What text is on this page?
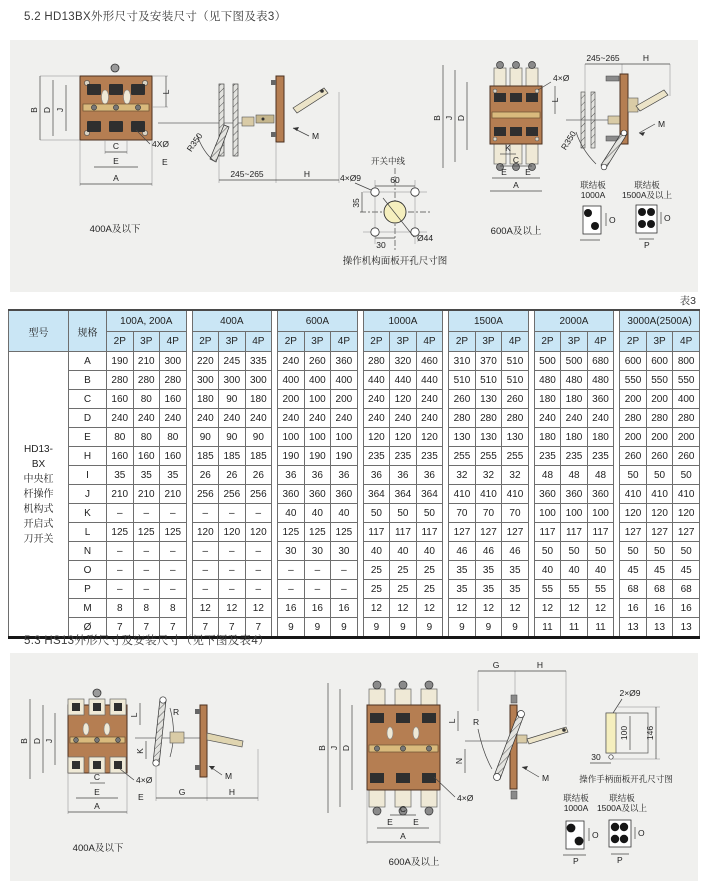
5.2 HD13BX外形尺寸及安装尺寸（见下图及表3）
B D J
C
E
A
L
4XØ
400A及以下
R350
E
M
245~265	H
开关中线
Ø44
60
35
30
4×Ø9
操作机构面板开孔尺寸图
B J D
4×Ø
L
K
C
E E
A
600A及以上
245~265	H
R350
M
联结板
1000A
O
联结板
1500A及以上
O
P
表3
型号	规格	100A, 200A				400A				600A				1000A				1500A				2000A				3000A(2500A)		
		2P	3P	4P		2P	3P	4P		2P	3P	4P		2P	3P	4P		2P	3P	4P		2P	3P	4P		2P	3P	4P

HD13-
BX
中央杠
杆操作
机构式
开启式
刀开关
	A	190	210	300	220	245	335	240	260	360	280	320	460	310	370	510	500	500	680	600	600	800
	B	280	280	280		300	300	300		400	400	400		440	440	440		510	510	510		480	480	480		550	550	550
	C	160	80	160		180	90	180		200	100	200		240	120	240		260	130	260		180	180	360		200	200	400
	D	240	240	240		240	240	240		240	240	240		240	240	240		280	280	280		240	240	240		280	280	280
	E	80	80	80		90	90	90		100	100	100		120	120	120		130	130	130		180	180	180		200	200	200
	H	160	160	160		185	185	185		190	190	190		235	235	235		255	255	255		235	235	235		260	260	260
	I	35	35	35		26	26	26		36	36	36		36	36	36		32	32	32		48	48	48		50	50	50
	J	210	210	210		256	256	256		360	360	360		364	364	364		410	410	410		360	360	360		410	410	410
	K	–	–	–		–	–	–		40	40	40		50	50	50		70	70	70		100	100	100		120	120	120
	L	125	125	125		120	120	120		125	125	125		117	117	117		127	127	127		117	117	117		127	127	127
	N	–	–	–		–	–	–		30	30	30		40	40	40		46	46	46		50	50	50		50	50	50
	O	–	–	–		–	–	–		–	–	–		25	25	25		35	35	35		40	40	40		45	45	45
	P	–	–	–		–	–	–		–	–	–		25	25	25		35	35	35		55	55	55		68	68	68
	M	8	8	8		12	12	12		16	16	16		12	12	12		12	12	12		12	12	12		16	16	16
	Ø	7	7	7		7	7	7		9	9	9		9	9	9		9	9	9		11	11	11		13	13	13
5.3 HS13外形尺寸及安装尺寸（见下图及表4）
B D J
C
E
A
4×Ø
E
400A及以下
R
L
K
M
G	H
B J D
C
E E
A
4×Ø
600A及以上
G	H
R
L
N
M
2×Ø9
100 146
30
操作手柄面板开孔尺寸图
联结板
1000A
O
P
联结板
1500A及以上
O
P
